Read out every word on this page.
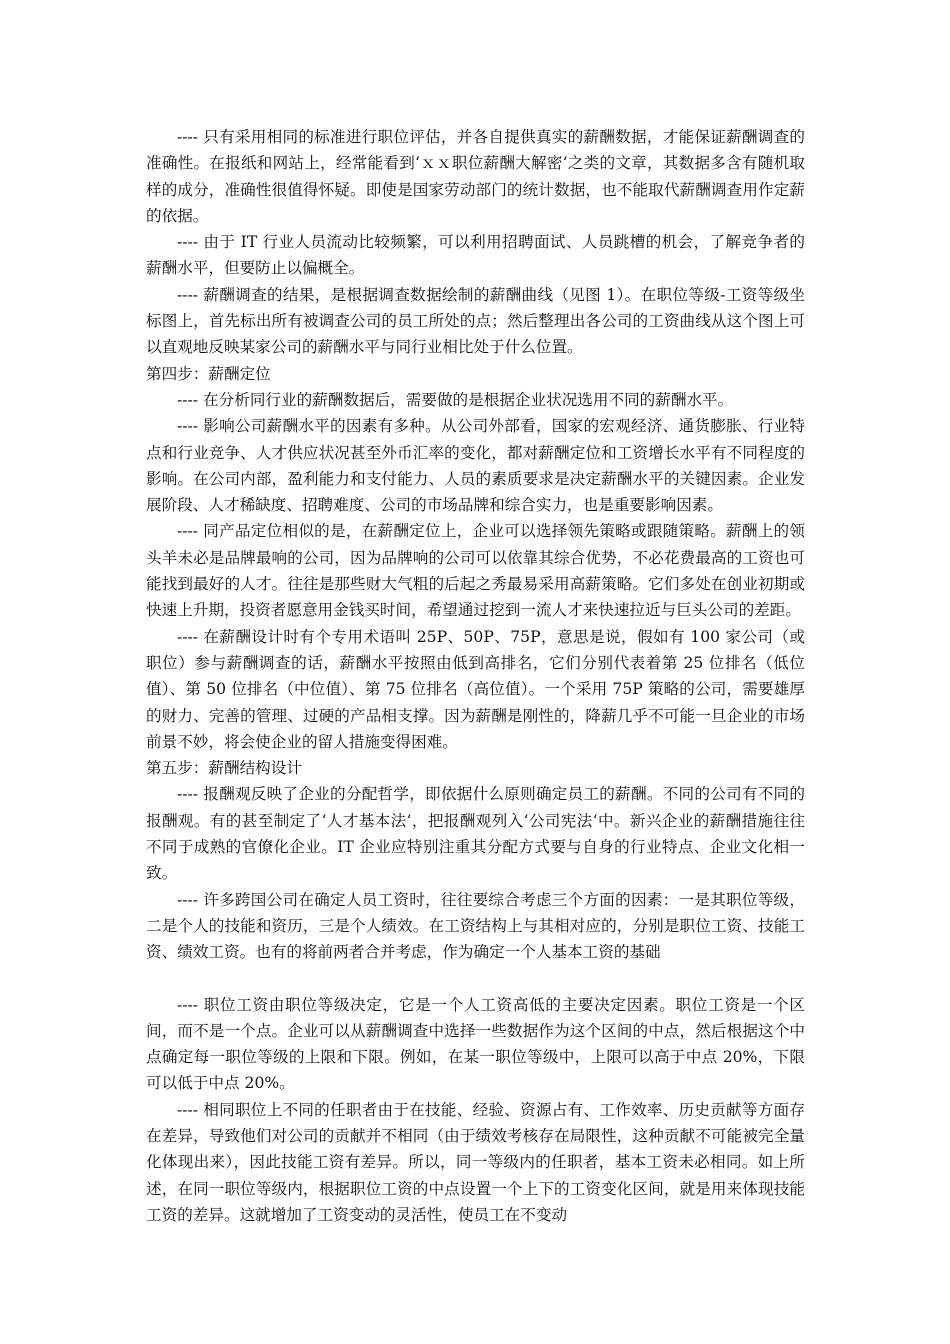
---- 只有采用相同的标准进行职位评估，并各自提供真实的薪酬数据，才能保证薪酬调查的准确性。在报纸和网站上，经常能看到‘ｘｘ职位薪酬大解密‘之类的文章，其数据多含有随机取样的成分，准确性很值得怀疑。即使是国家劳动部门的统计数据，也不能取代薪酬调查用作定薪的依据。

---- 由于 IT 行业人员流动比较频繁，可以利用招聘面试、人员跳槽的机会，了解竞争者的薪酬水平，但要防止以偏概全。

---- 薪酬调查的结果，是根据调查数据绘制的薪酬曲线（见图 1）。在职位等级-工资等级坐标图上，首先标出所有被调查公司的员工所处的点；然后整理出各公司的工资曲线从这个图上可以直观地反映某家公司的薪酬水平与同行业相比处于什么位置。

第四步：薪酬定位

---- 在分析同行业的薪酬数据后，需要做的是根据企业状况选用不同的薪酬水平。

---- 影响公司薪酬水平的因素有多种。从公司外部看，国家的宏观经济、通货膨胀、行业特点和行业竞争、人才供应状况甚至外币汇率的变化，都对薪酬定位和工资增长水平有不同程度的影响。在公司内部，盈利能力和支付能力、人员的素质要求是决定薪酬水平的关键因素。企业发展阶段、人才稀缺度、招聘难度、公司的市场品牌和综合实力，也是重要影响因素。

---- 同产品定位相似的是，在薪酬定位上，企业可以选择领先策略或跟随策略。薪酬上的领头羊未必是品牌最响的公司，因为品牌响的公司可以依靠其综合优势，不必花费最高的工资也可能找到最好的人才。往往是那些财大气粗的后起之秀最易采用高薪策略。它们多处在创业初期或快速上升期，投资者愿意用金钱买时间，希望通过挖到一流人才来快速拉近与巨头公司的差距。

---- 在薪酬设计时有个专用术语叫 25P、50P、75P，意思是说，假如有 100 家公司（或职位）参与薪酬调查的话，薪酬水平按照由低到高排名，它们分别代表着第 25 位排名（低位值）、第 50 位排名（中位值）、第 75 位排名（高位值）。一个采用 75P 策略的公司，需要雄厚的财力、完善的管理、过硬的产品相支撑。因为薪酬是刚性的，降薪几乎不可能一旦企业的市场前景不妙，将会使企业的留人措施变得困难。

第五步：薪酬结构设计

---- 报酬观反映了企业的分配哲学，即依据什么原则确定员工的薪酬。不同的公司有不同的报酬观。有的甚至制定了‘人才基本法‘，把报酬观列入‘公司宪法‘中。新兴企业的薪酬措施往往不同于成熟的官僚化企业。IT 企业应特别注重其分配方式要与自身的行业特点、企业文化相一致。

---- 许多跨国公司在确定人员工资时，往往要综合考虑三个方面的因素：一是其职位等级，二是个人的技能和资历，三是个人绩效。在工资结构上与其相对应的，分别是职位工资、技能工资、绩效工资。也有的将前两者合并考虑，作为确定一个人基本工资的基础

---- 职位工资由职位等级决定，它是一个人工资高低的主要决定因素。职位工资是一个区间，而不是一个点。企业可以从薪酬调查中选择一些数据作为这个区间的中点，然后根据这个中点确定每一职位等级的上限和下限。例如，在某一职位等级中，上限可以高于中点 20%，下限可以低于中点 20%。

---- 相同职位上不同的任职者由于在技能、经验、资源占有、工作效率、历史贡献等方面存在差异，导致他们对公司的贡献并不相同（由于绩效考核存在局限性，这种贡献不可能被完全量化体现出来），因此技能工资有差异。所以，同一等级内的任职者，基本工资未必相同。如上所述，在同一职位等级内，根据职位工资的中点设置一个上下的工资变化区间，就是用来体现技能工资的差异。这就增加了工资变动的灵活性，使员工在不变动
